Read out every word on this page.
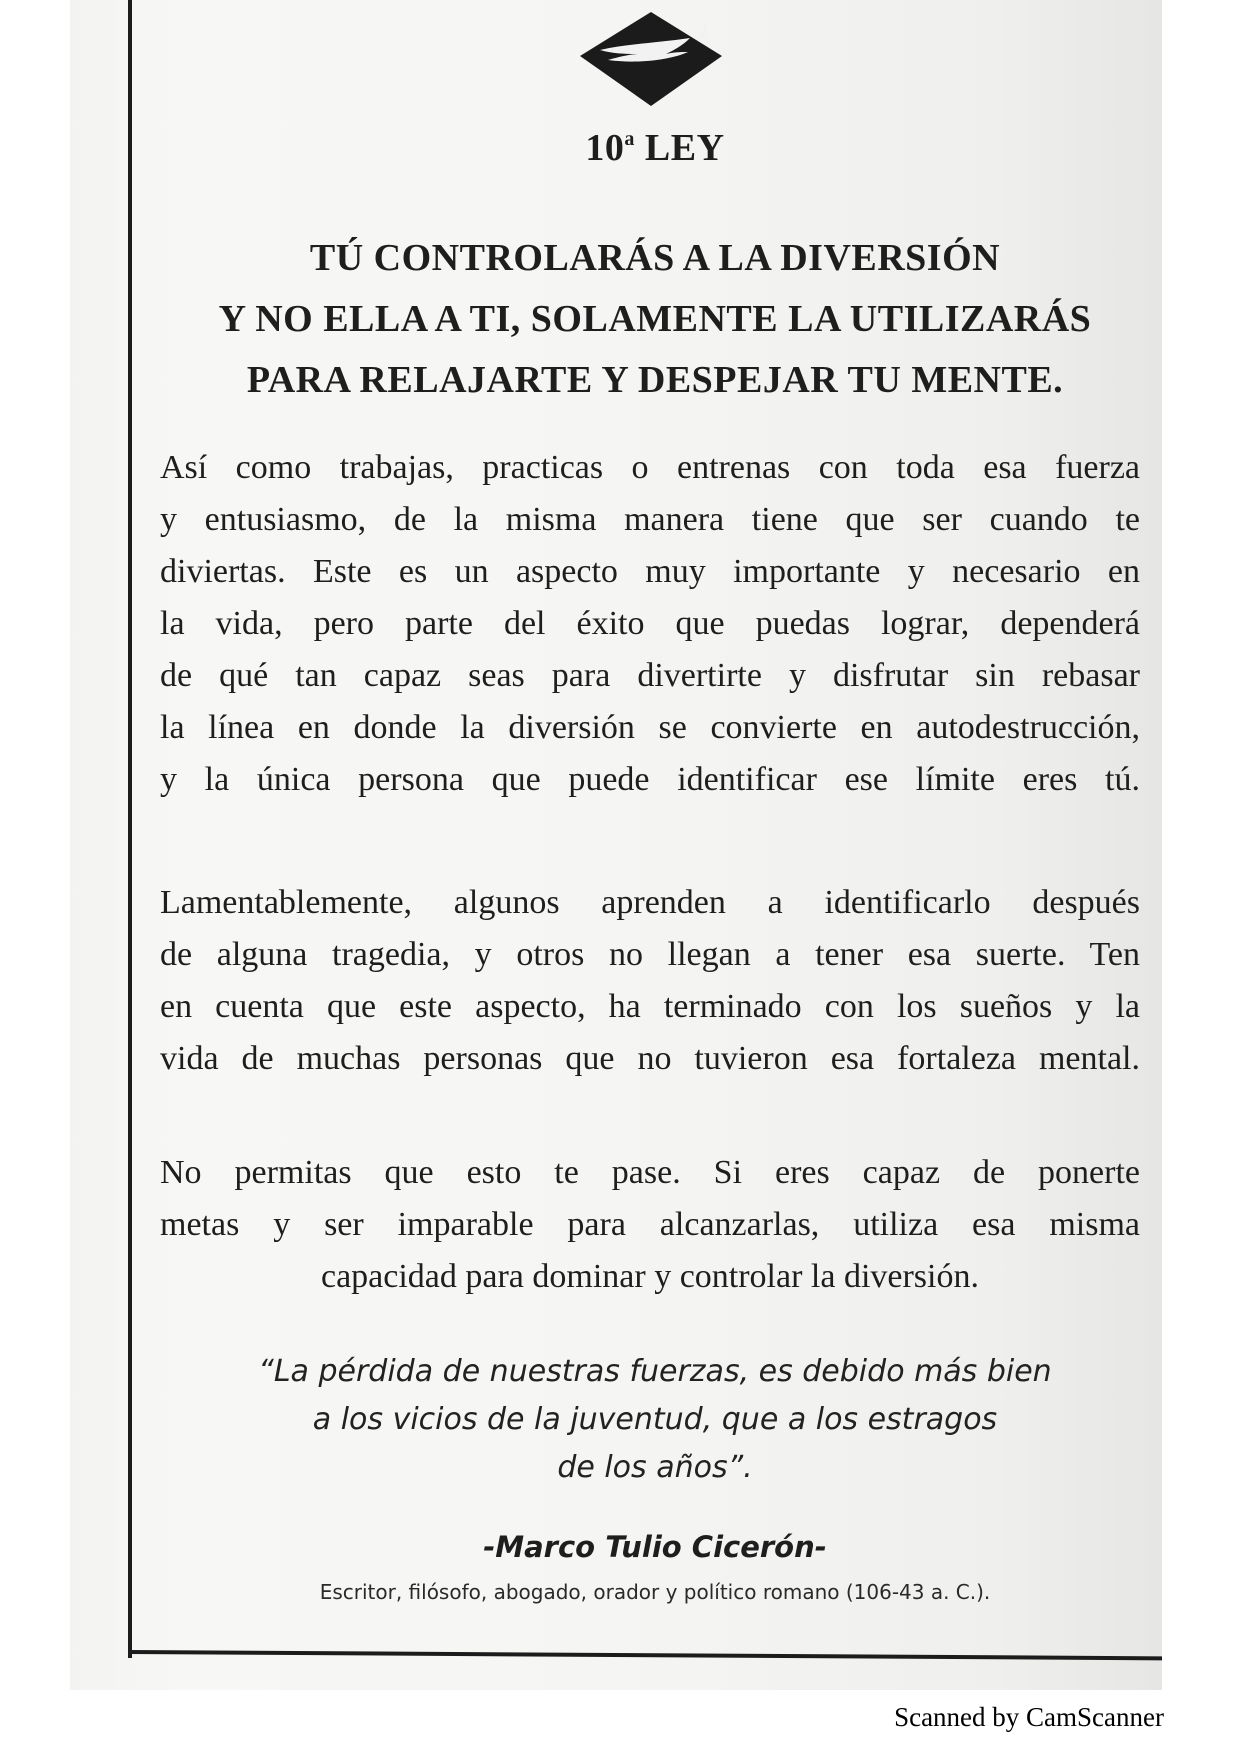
10$^a$ LEY
TÚ CONTROLARÁS A LA DIVERSIÓN
Y NO ELLA A TI, SOLAMENTE LA UTILIZARÁS
PARA RELAJARTE Y DESPEJAR TU MENTE.
Así como trabajas, practicas o entrenas con toda esa fuerza
y entusiasmo, de la misma manera tiene que ser cuando te
diviertas. Este es un aspecto muy importante y necesario en
la vida, pero parte del éxito que puedas lograr, dependerá
de qué tan capaz seas para divertirte y disfrutar sin rebasar
la línea en donde la diversión se convierte en autodestrucción,
y la única persona que puede identificar ese límite eres tú.
Lamentablemente, algunos aprenden a identificarlo después
de alguna tragedia, y otros no llegan a tener esa suerte. Ten
en cuenta que este aspecto, ha terminado con los sueños y la
vida de muchas personas que no tuvieron esa fortaleza mental.
No permitas que esto te pase. Si eres capaz de ponerte
metas y ser imparable para alcanzarlas, utiliza esa misma
capacidad para dominar y controlar la diversión.
“La pérdida de nuestras fuerzas, es debido más bien
a los vicios de la juventud, que a los estragos
de los años”.
-Marco Tulio Cicerón-
Escritor, filósofo, abogado, orador y político romano (106-43 a. C.).
Scanned by CamScanner
